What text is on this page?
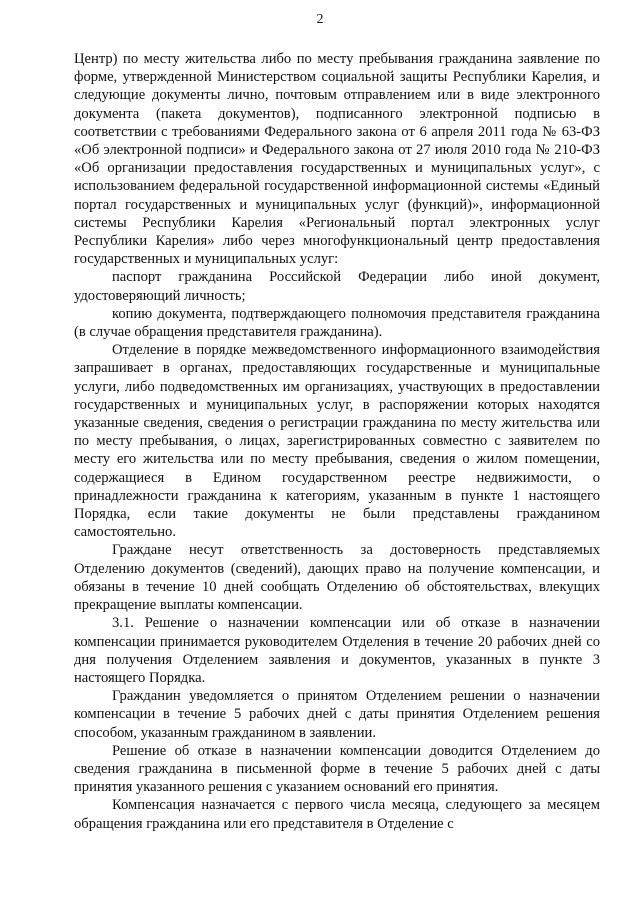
2

Центр) по месту жительства либо по месту пребывания гражданина заявление по форме, утвержденной Министерством социальной защиты Республики Карелия, и следующие документы лично, почтовым отправлением или в виде электронного документа (пакета документов), подписанного электронной подписью в соответствии с требованиями Федерального закона от 6 апреля 2011 года № 63-ФЗ «Об электронной подписи» и Федерального закона от 27 июля 2010 года № 210-ФЗ «Об организации предоставления государственных и муниципальных услуг», с использованием федеральной государственной информационной системы «Единый портал государственных и муниципальных услуг (функций)», информационной системы Республики Карелия «Региональный портал электронных услуг Республики Карелия» либо через многофункциональный центр предоставления государственных и муниципальных услуг:

паспорт гражданина Российской Федерации либо иной документ, удостоверяющий личность;

копию документа, подтверждающего полномочия представителя гражданина (в случае обращения представителя гражданина).

Отделение в порядке межведомственного информационного взаимодействия запрашивает в органах, предоставляющих государственные и муниципальные услуги, либо подведомственных им организациях, участвующих в предоставлении государственных и муниципальных услуг, в распоряжении которых находятся указанные сведения, сведения о регистрации гражданина по месту жительства или по месту пребывания, о лицах, зарегистрированных совместно с заявителем по месту его жительства или по месту пребывания, сведения о жилом помещении, содержащиеся в Едином государственном реестре недвижимости, о принадлежности гражданина к категориям, указанным в пункте 1 настоящего Порядка, если такие документы не были представлены гражданином самостоятельно.

Граждане несут ответственность за достоверность представляемых Отделению документов (сведений), дающих право на получение компенсации, и обязаны в течение 10 дней сообщать Отделению об обстоятельствах, влекущих прекращение выплаты компенсации.

3.1. Решение о назначении компенсации или об отказе в назначении компенсации принимается руководителем Отделения в течение 20 рабочих дней со дня получения Отделением заявления и документов, указанных в пункте 3 настоящего Порядка.

Гражданин уведомляется о принятом Отделением решении о назначении компенсации в течение 5 рабочих дней с даты принятия Отделением решения способом, указанным гражданином в заявлении.

Решение об отказе в назначении компенсации доводится Отделением до сведения гражданина в письменной форме в течение 5 рабочих дней с даты принятия указанного решения с указанием оснований его принятия.

Компенсация назначается с первого числа месяца, следующего за месяцем обращения гражданина или его представителя в Отделение с
